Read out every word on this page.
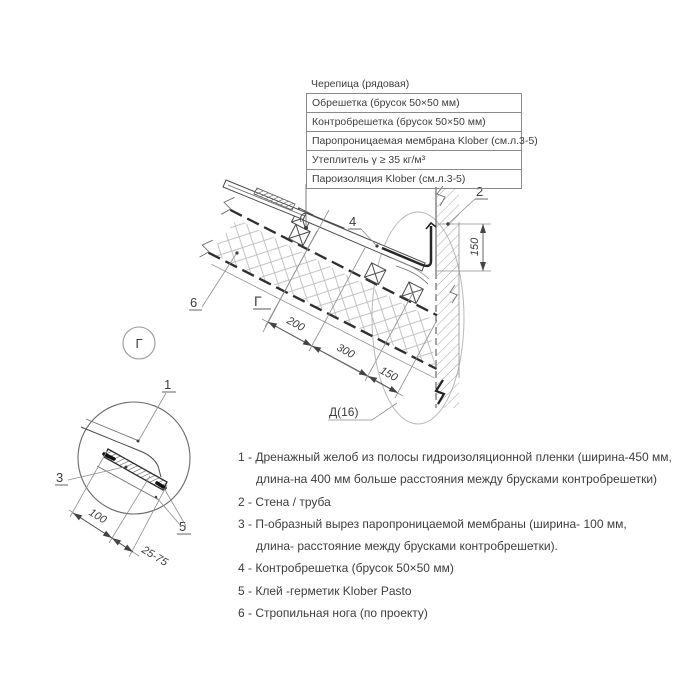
150
2
4
6	Г
200
300
150
Д(16)
Г
1
3
5
100
25-75
Черепица (рядовая)
Обрешетка (брусок 50×50 мм)
Контробрешетка (брусок 50×50 мм)
Паропроницаемая мембрана Klober (см.л.3-5)
Утеплитель γ ≥ 35 кг/м³
Пароизоляция Klober (см.л.3-5)
1 - Дренажный желоб из полосы гидроизоляционной пленки (ширина-450 мм,
длина-на 400 мм больше расстояния между брусками контробрешетки)
2 - Стена / труба
3 - П-образный вырез паропроницаемой мембраны (ширина- 100 мм,
длина- расстояние между брусками контробрешетки).
4 - Контробрешетка (брусок 50×50 мм)
5 - Клей -герметик Klober Pasto
6 - Стропильная нога (по проекту)
